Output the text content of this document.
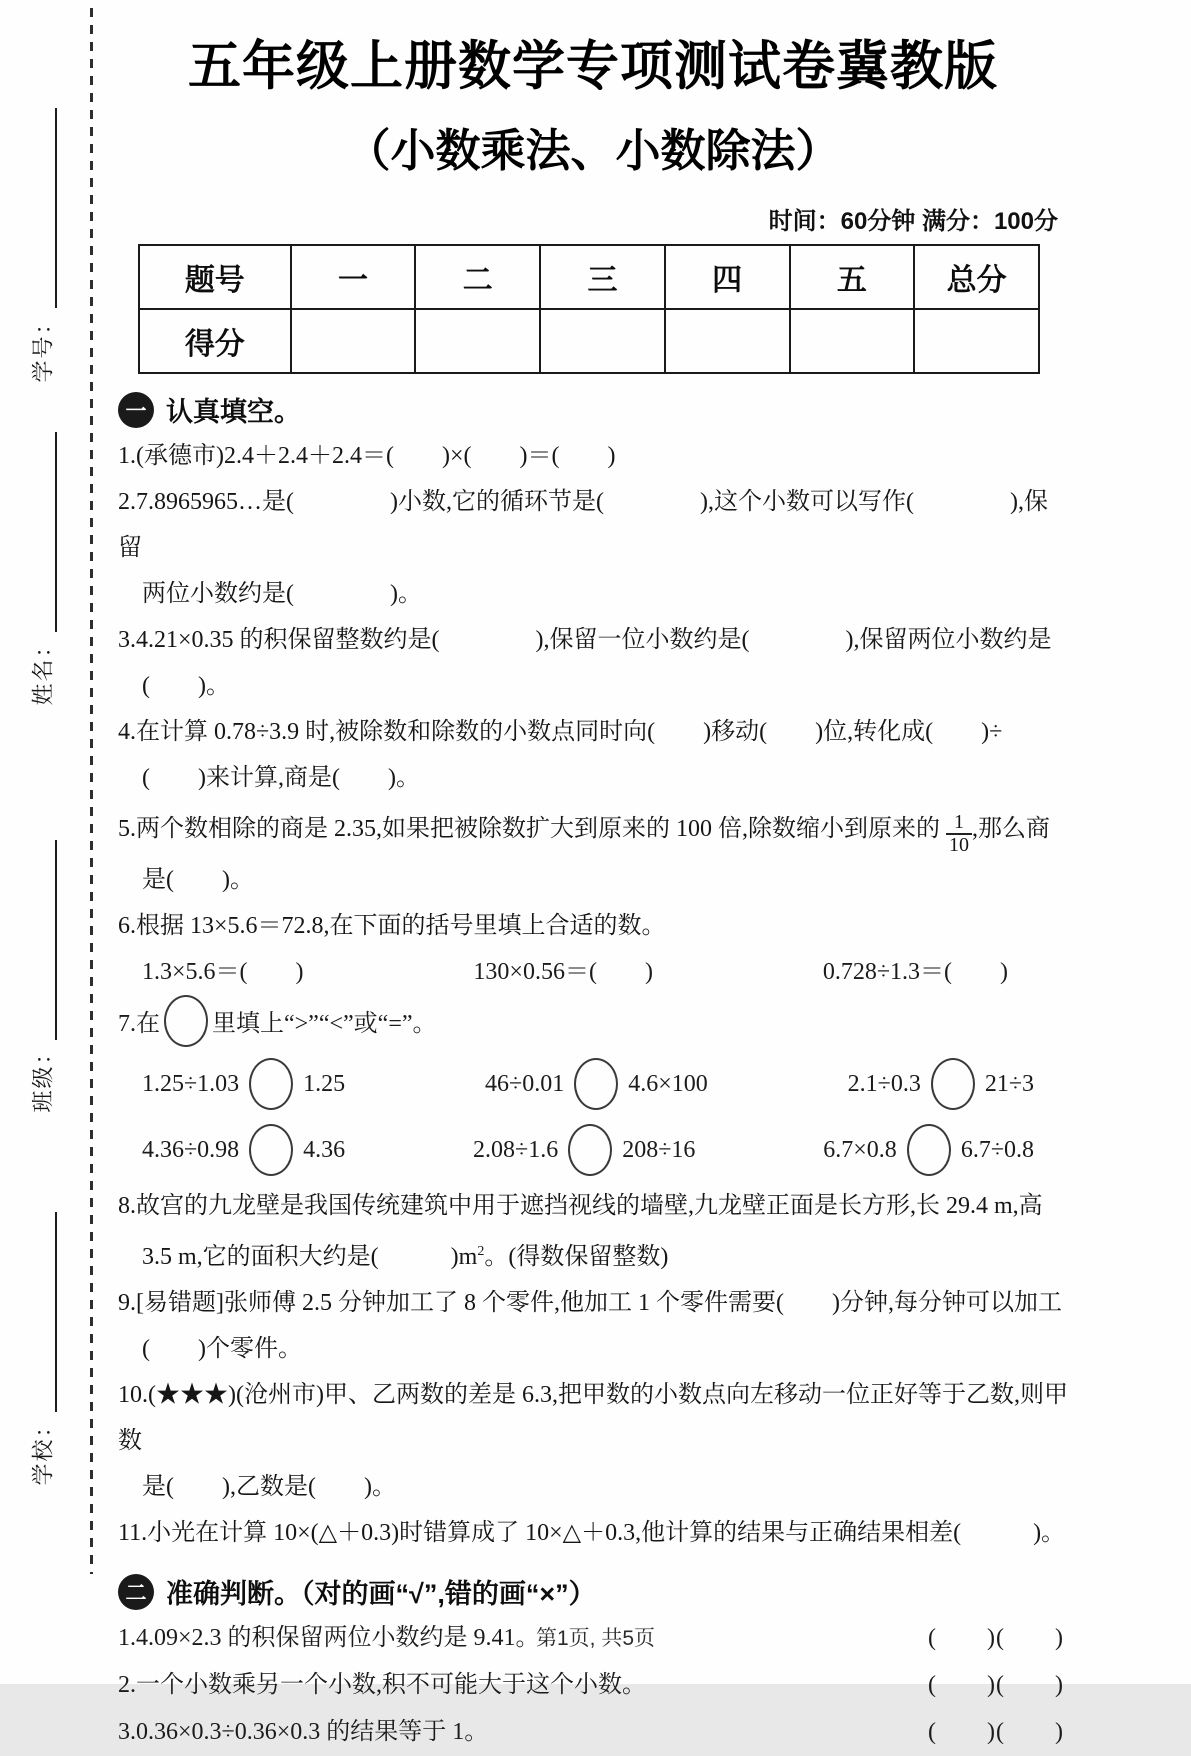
学号：
姓名：
班级：
学校：
五年级上册数学专项测试卷冀教版
（小数乘法、小数除法）
时间：60分钟 满分：100分
题号	一	二	三	四	五	总分
得分						
一 认真填空。
1.(承德市)2.4＋2.4＋2.4＝(　　)×(　　)＝(　　)
2.7.8965965…是(　　　　)小数,它的循环节是(　　　　),这个小数可以写作(　　　　),保留
两位小数约是(　　　　)。
3.4.21×0.35 的积保留整数约是(　　　　),保留一位小数约是(　　　　),保留两位小数约是
(　　)。
4.在计算 0.78÷3.9 时,被除数和除数的小数点同时向(　　)移动(　　)位,转化成(　　)÷
(　　)来计算,商是(　　)。
5.两个数相除的商是 2.35,如果把被除数扩大到原来的 100 倍,除数缩小到原来的 $\frac{1}{10}$ ,那么商
是(　　)。
6.根据 13×5.6＝72.8,在下面的括号里填上合适的数。
1.3×5.6＝(　　)	130×0.56＝(　　)	0.728÷1.3＝(　　)
7.在 里填上“>”“<”或“=”。
1.25÷1.03	1.25	46÷0.01	4.6×100	2.1÷0.3	21÷3
4.36÷0.98	4.36	2.08÷1.6	208÷16	6.7×0.8	6.7÷0.8
8.故宫的九龙壁是我国传统建筑中用于遮挡视线的墙壁,九龙壁正面是长方形,长 29.4 m,高
3.5 m,它的面积大约是(　　　)$m^2$。(得数保留整数)
9.[易错题]张师傅 2.5 分钟加工了 8 个零件,他加工 1 个零件需要(　　)分钟,每分钟可以加工
(　　)个零件。
10.(★★★)(沧州市)甲、乙两数的差是 6.3,把甲数的小数点向左移动一位正好等于乙数,则甲数
是(　　),乙数是(　　)。
11.小光在计算 10×(△＋0.3)时错算成了 10×△＋0.3,他计算的结果与正确结果相差(　　　)。
二 准确判断。（对的画“√”,错的画“×”）
1.4.09×2.3 的积保留两位小数约是 9.41。	(　　)(　　)
2.一个小数乘另一个小数,积不可能大于这个小数。	(　　)(　　)
3.0.36×0.3÷0.36×0.3 的结果等于 1。	(　　)(　　)
第1页, 共5页
